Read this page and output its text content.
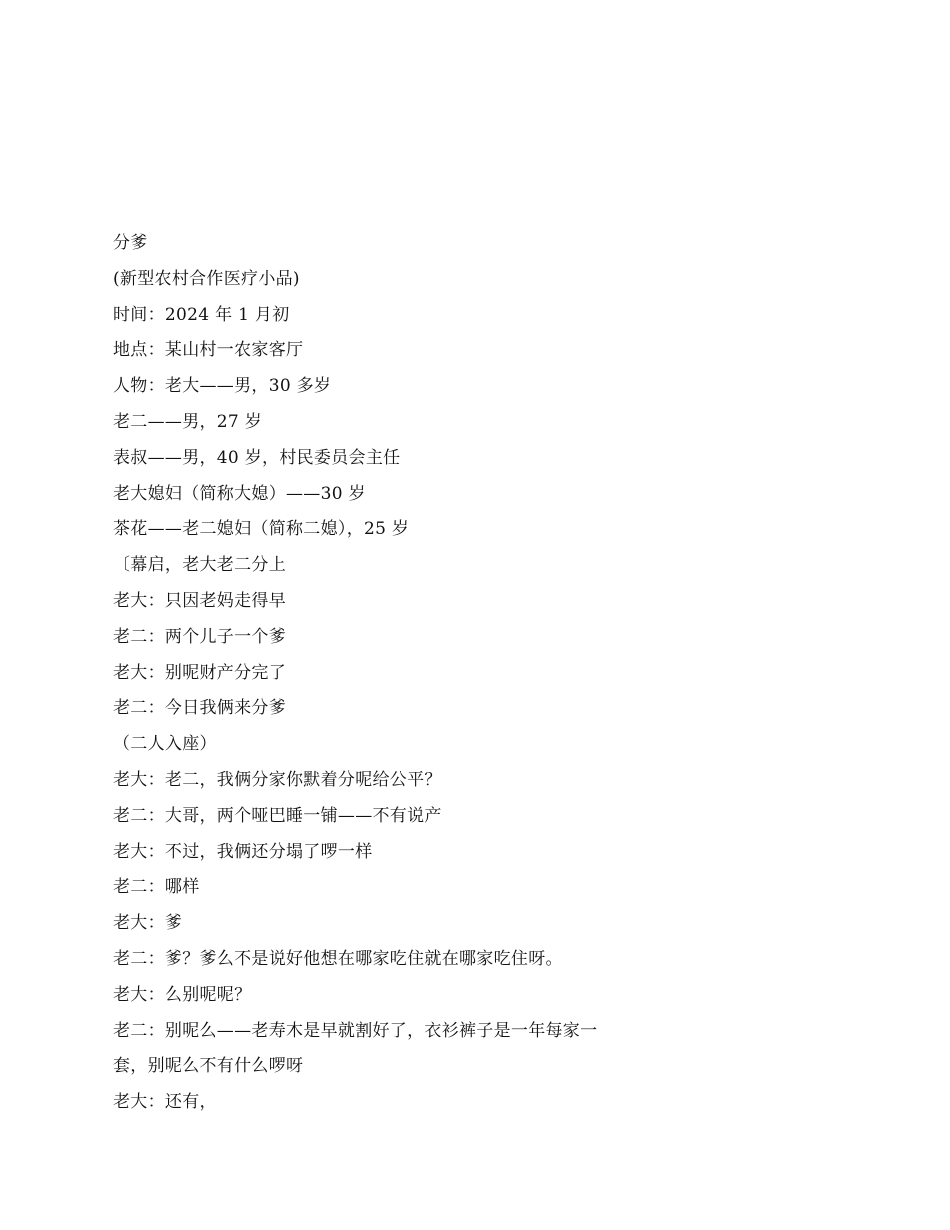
分爹
(新型农村合作医疗小品)
时间：2024 年 1 月初
地点：某山村一农家客厅
人物：老大——男，30 多岁
老二——男，27 岁
表叔——男，40 岁，村民委员会主任
老大媳妇（简称大媳）——30 岁
茶花——老二媳妇（简称二媳），25 岁
〔幕启，老大老二分上
老大：只因老妈走得早
老二：两个儿子一个爹
老大：别呢财产分完了
老二：今日我俩来分爹
（二人入座）
老大：老二，我俩分家你默着分呢给公平？
老二：大哥，两个哑巴睡一铺——不有说产
老大：不过，我俩还分塌了啰一样
老二：哪样
老大：爹
老二：爹？爹么不是说好他想在哪家吃住就在哪家吃住呀。
老大：么别呢呢？
老二：别呢么——老寿木是早就割好了，衣衫裤子是一年每家一
套，别呢么不有什么啰呀
老大：还有，
